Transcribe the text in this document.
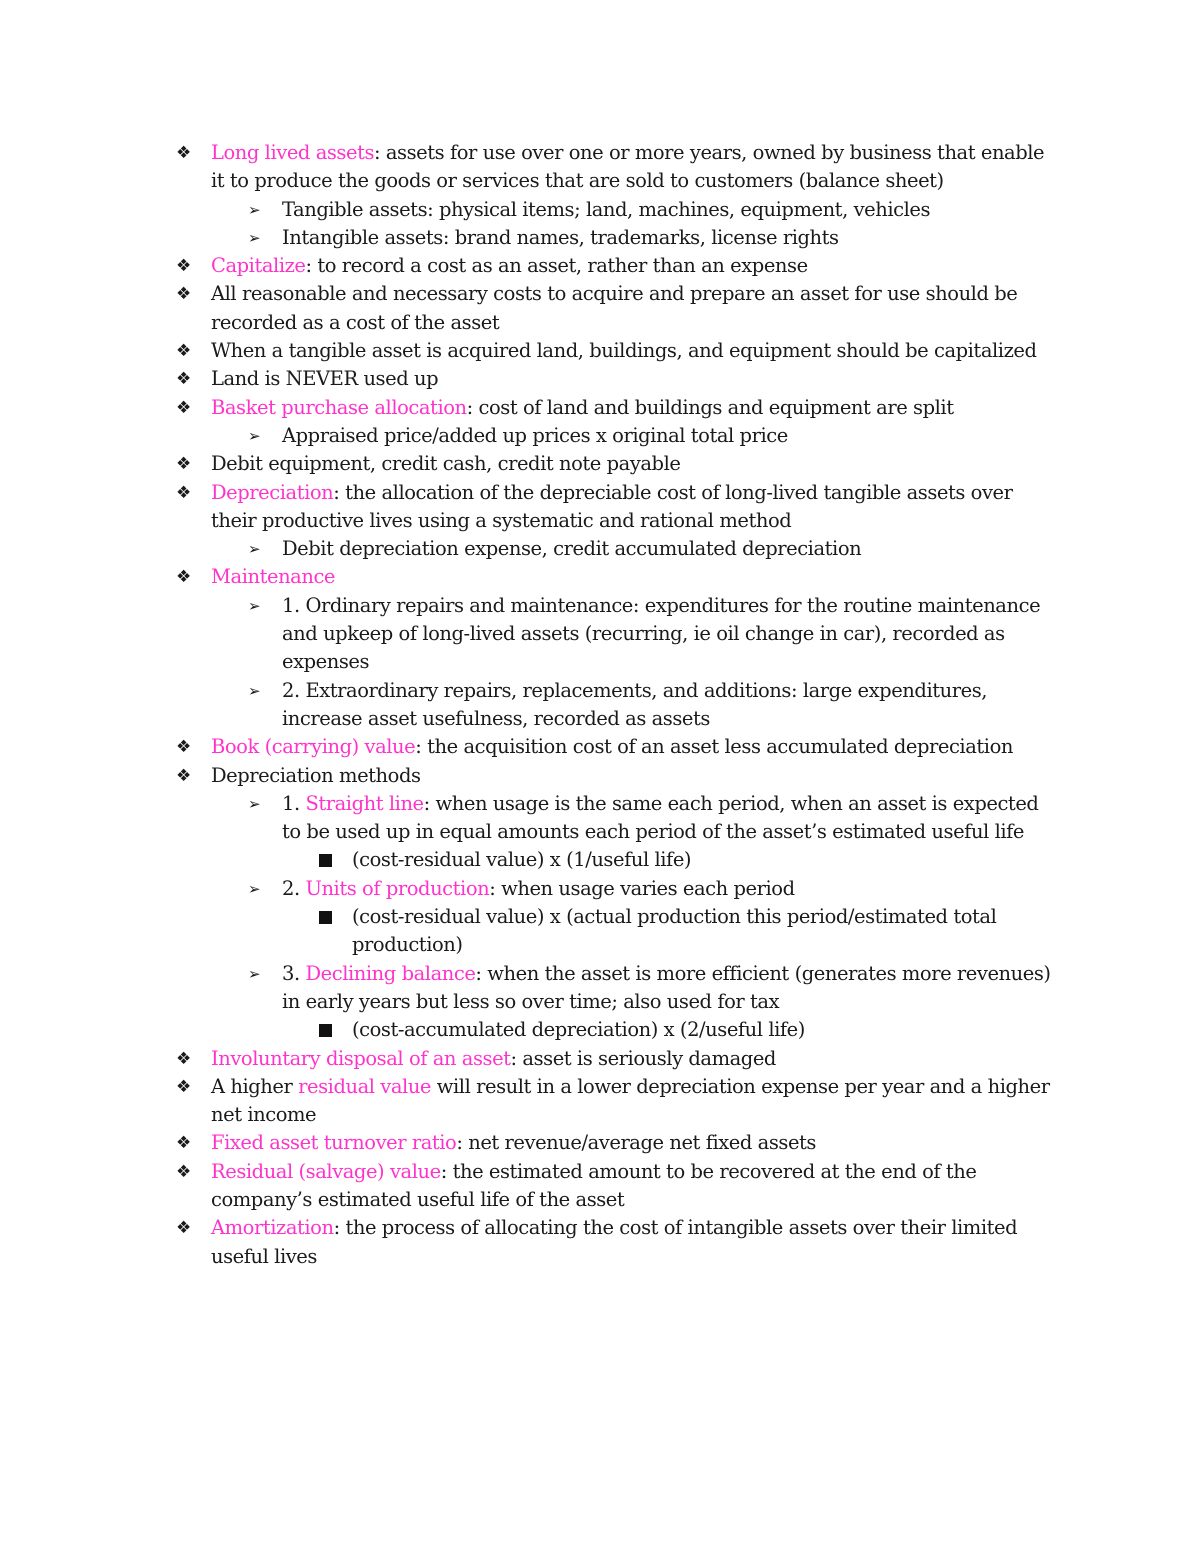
❖ Long lived assets: assets for use over one or more years, owned by business that enable it to produce the goods or services that are sold to customers (balance sheet)
➢ Tangible assets: physical items; land, machines, equipment, vehicles
➢ Intangible assets: brand names, trademarks, license rights
❖ Capitalize: to record a cost as an asset, rather than an expense
❖ All reasonable and necessary costs to acquire and prepare an asset for use should be recorded as a cost of the asset
❖ When a tangible asset is acquired land, buildings, and equipment should be capitalized
❖ Land is NEVER used up
❖ Basket purchase allocation: cost of land and buildings and equipment are split
➢ Appraised price/added up prices x original total price
❖ Debit equipment, credit cash, credit note payable
❖ Depreciation: the allocation of the depreciable cost of long-lived tangible assets over their productive lives using a systematic and rational method
➢ Debit depreciation expense, credit accumulated depreciation
❖ Maintenance
➢ 1. Ordinary repairs and maintenance: expenditures for the routine maintenance and upkeep of long-lived assets (recurring, ie oil change in car), recorded as expenses
➢ 2. Extraordinary repairs, replacements, and additions: large expenditures, increase asset usefulness, recorded as assets
❖ Book (carrying) value: the acquisition cost of an asset less accumulated depreciation
❖ Depreciation methods
➢ 1. Straight line: when usage is the same each period, when an asset is expected to be used up in equal amounts each period of the asset’s estimated useful life
(cost-residual value) x (1/useful life)
➢ 2. Units of production: when usage varies each period
(cost-residual value) x (actual production this period/estimated total production)
➢ 3. Declining balance: when the asset is more efficient (generates more revenues) in early years but less so over time; also used for tax
(cost-accumulated depreciation) x (2/useful life)
❖ Involuntary disposal of an asset: asset is seriously damaged
❖ A higher residual value will result in a lower depreciation expense per year and a higher net income
❖ Fixed asset turnover ratio: net revenue/average net fixed assets
❖ Residual (salvage) value: the estimated amount to be recovered at the end of the company’s estimated useful life of the asset
❖ Amortization: the process of allocating the cost of intangible assets over their limited useful lives
